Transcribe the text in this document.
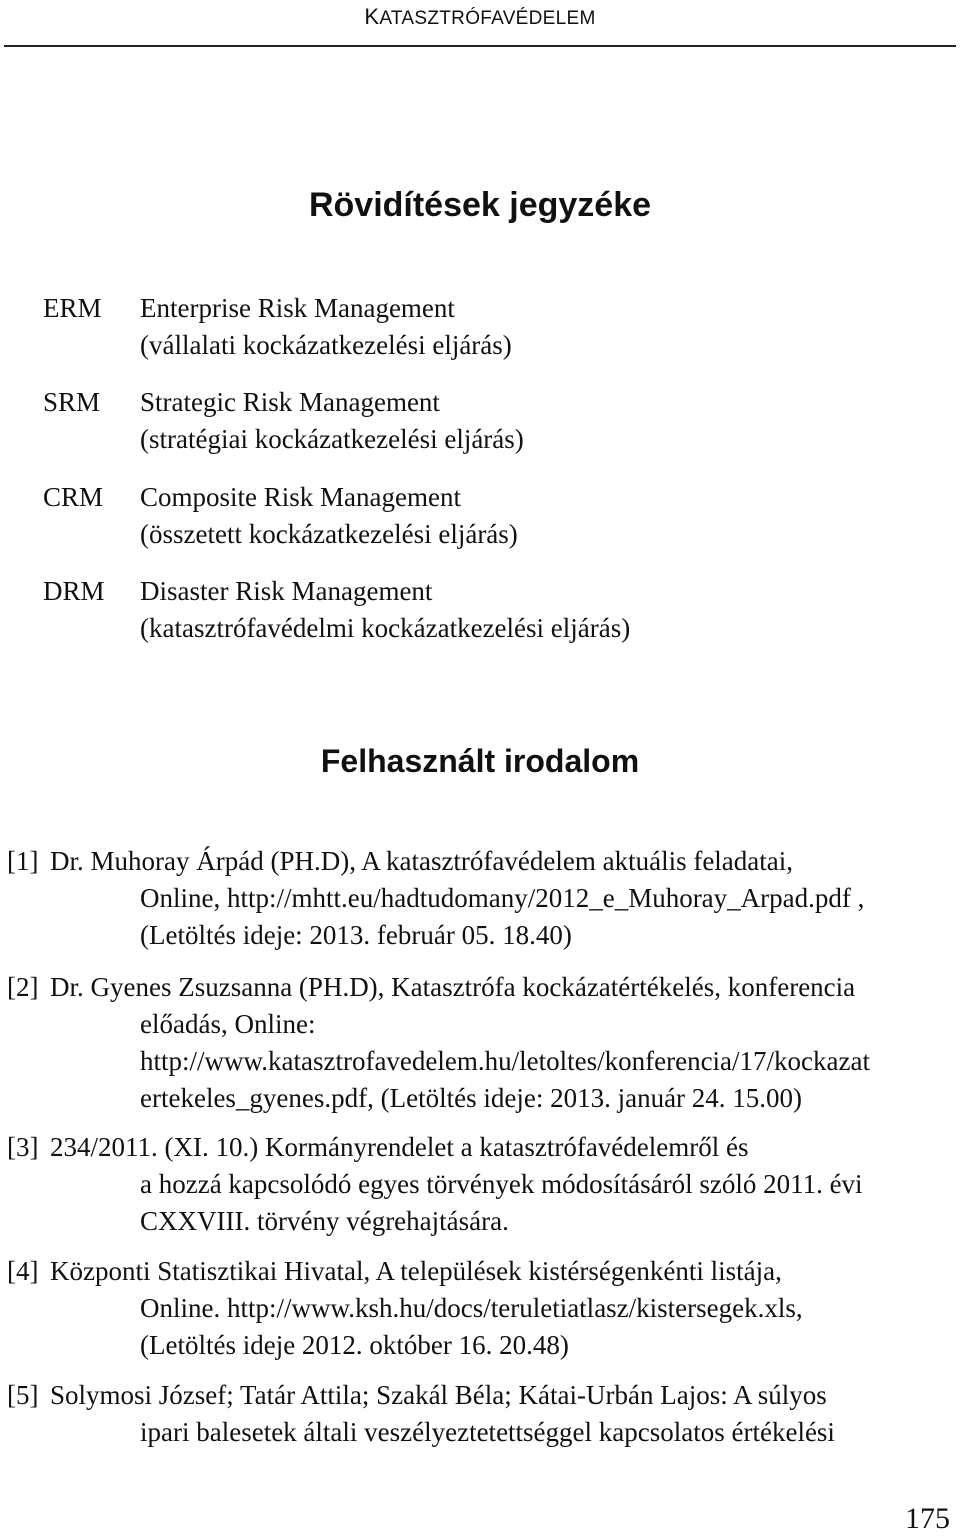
KATASZTRÓFAVÉDELEM
Rövidítések jegyzéke
ERM Enterprise Risk Management
(vállalati kockázatkezelési eljárás)
SRM Strategic Risk Management
(stratégiai kockázatkezelési eljárás)
CRM Composite Risk Management
(összetett kockázatkezelési eljárás)
DRM Disaster Risk Management
(katasztrófavédelmi kockázatkezelési eljárás)
Felhasznált irodalom
[1] Dr. Muhoray Árpád (PH.D), A katasztrófavédelem aktuális feladatai,
Online, http://mhtt.eu/hadtudomany/2012_e_Muhoray_Arpad.pdf ,
(Letöltés ideje: 2013. február 05. 18.40)
[2] Dr. Gyenes Zsuzsanna (PH.D), Katasztrófa kockázatértékelés, konferencia
előadás, Online:
http://www.katasztrofavedelem.hu/letoltes/konferencia/17/kockazat
ertekeles_gyenes.pdf, (Letöltés ideje: 2013. január 24. 15.00)
[3] 234/2011. (XI. 10.) Kormányrendelet a katasztrófavédelemről és
a hozzá kapcsolódó egyes törvények módosításáról szóló 2011. évi
CXXVIII. törvény végrehajtására.
[4] Központi Statisztikai Hivatal, A települések kistérségenkénti listája,
Online. http://www.ksh.hu/docs/teruletiatlasz/kistersegek.xls,
(Letöltés ideje 2012. október 16. 20.48)
[5] Solymosi József; Tatár Attila; Szakál Béla; Kátai-Urbán Lajos: A súlyos
ipari balesetek általi veszélyeztetettséggel kapcsolatos értékelési
175
